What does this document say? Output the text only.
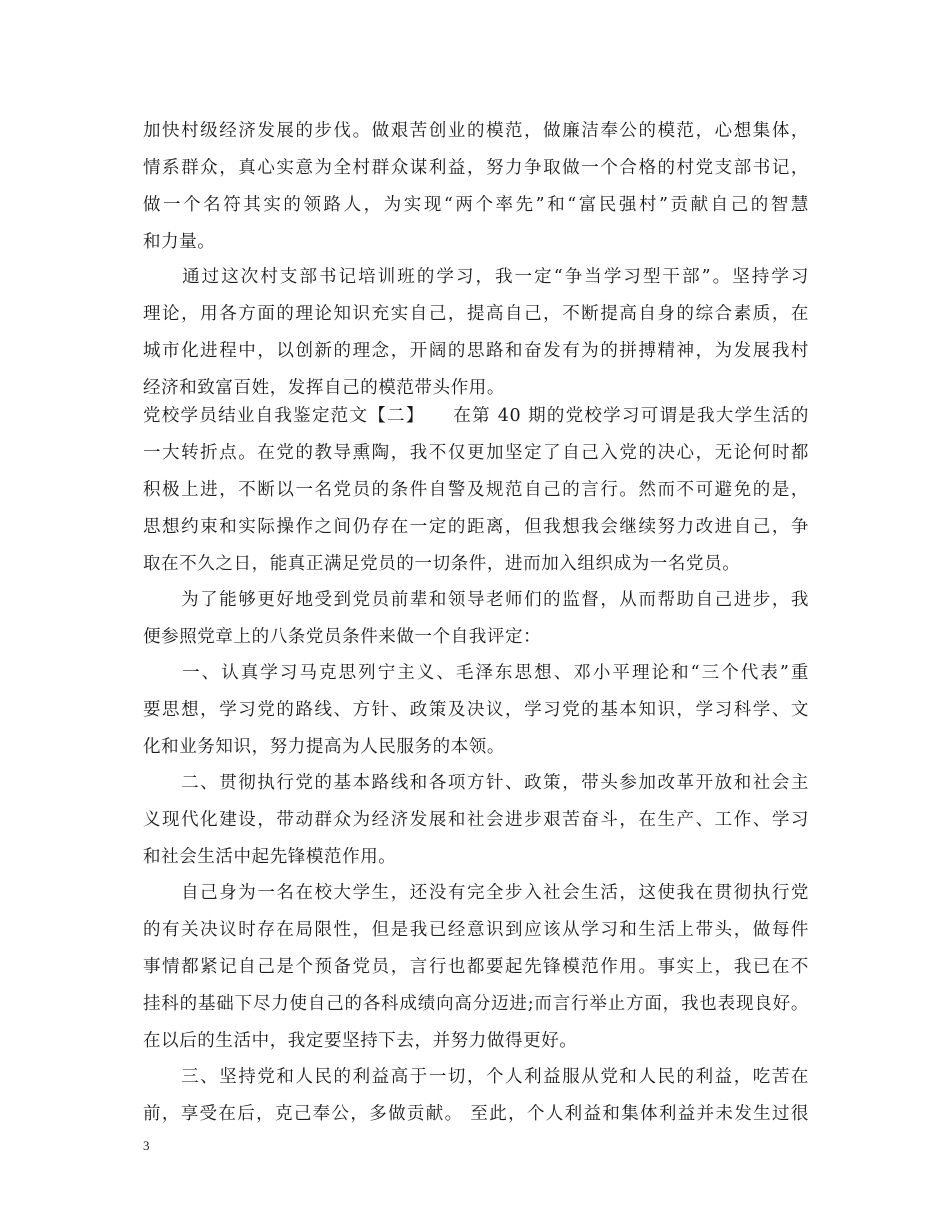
加快村级经济发展的步伐。做艰苦创业的模范，做廉洁奉公的模范，心想集体，
情系群众，真心实意为全村群众谋利益，努力争取做一个合格的村党支部书记，
做一个名符其实的领路人，为实现“两个率先”和“富民强村”贡献自己的智慧
和力量。
　　通过这次村支部书记培训班的学习，我一定“争当学习型干部”。坚持学习
理论，用各方面的理论知识充实自己，提高自己，不断提高自身的综合素质，在
城市化进程中，以创新的理念，开阔的思路和奋发有为的拼搏精神，为发展我村
经济和致富百姓，发挥自己的模范带头作用。
党校学员结业自我鉴定范文【二】　　在第 40 期的党校学习可谓是我大学生活的
一大转折点。在党的教导熏陶，我不仅更加坚定了自己入党的决心，无论何时都
积极上进，不断以一名党员的条件自警及规范自己的言行。然而不可避免的是，
思想约束和实际操作之间仍存在一定的距离，但我想我会继续努力改进自己，争
取在不久之日，能真正满足党员的一切条件，进而加入组织成为一名党员。
　　为了能够更好地受到党员前辈和领导老师们的监督，从而帮助自己进步，我
便参照党章上的八条党员条件来做一个自我评定：
　　一、认真学习马克思列宁主义、毛泽东思想、邓小平理论和“三个代表”重
要思想，学习党的路线、方针、政策及决议，学习党的基本知识，学习科学、文
化和业务知识，努力提高为人民服务的本领。
　　二、贯彻执行党的基本路线和各项方针、政策，带头参加改革开放和社会主
义现代化建设，带动群众为经济发展和社会进步艰苦奋斗，在生产、工作、学习
和社会生活中起先锋模范作用。
　　自己身为一名在校大学生，还没有完全步入社会生活，这使我在贯彻执行党
的有关决议时存在局限性，但是我已经意识到应该从学习和生活上带头，做每件
事情都紧记自己是个预备党员，言行也都要起先锋模范作用。事实上，我已在不
挂科的基础下尽力使自己的各科成绩向高分迈进;而言行举止方面，我也表现良好。
在以后的生活中，我定要坚持下去，并努力做得更好。
　　三、坚持党和人民的利益高于一切，个人利益服从党和人民的利益，吃苦在
前，享受在后，克己奉公，多做贡献。 至此，个人利益和集体利益并未发生过很
3
